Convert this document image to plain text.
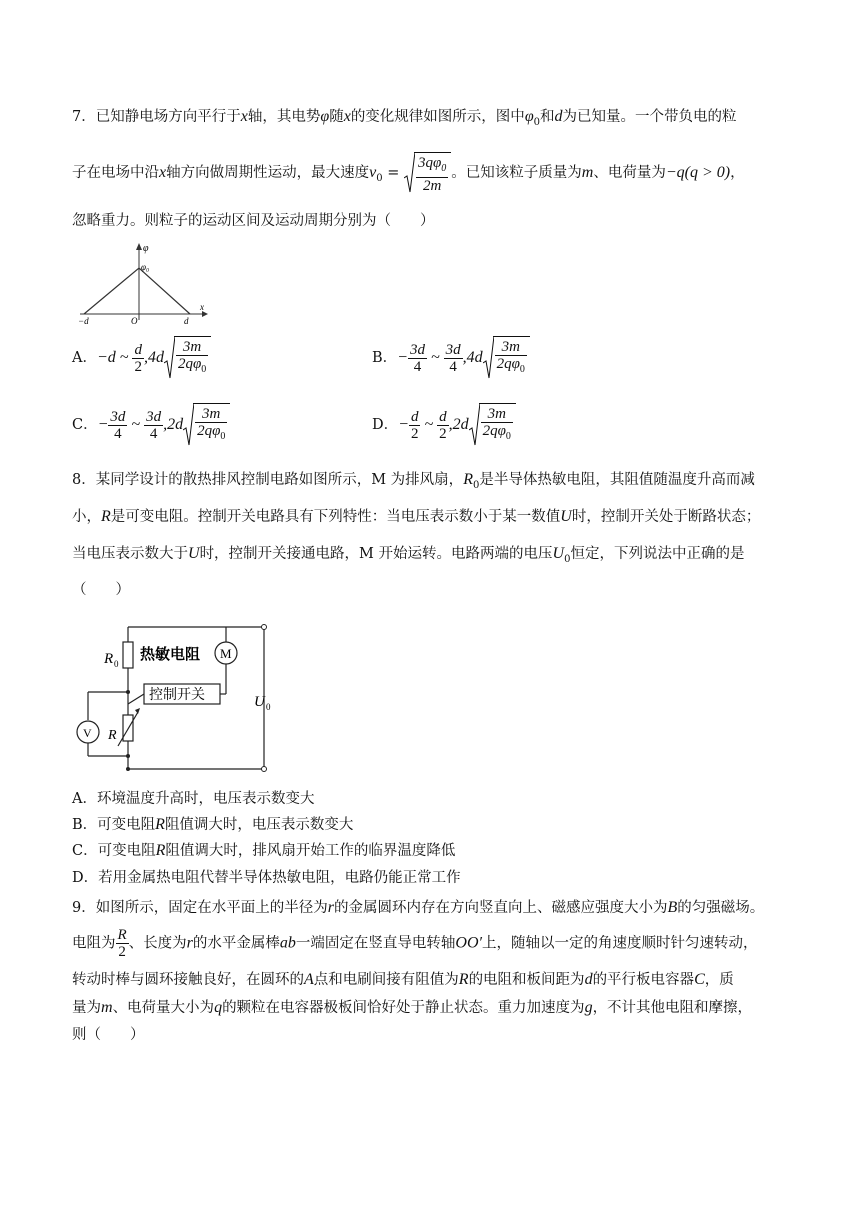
7．已知静电场方向平行于x轴，其电势φ随x的变化规律如图所示，图中$\varphi_0$和d为已知量。一个带负电的粒
子在电场中沿x轴方向做周期性运动，最大速度$v_0 = \frac{3q\varphi_0}{2m}$ 。已知该粒子质量为m、电荷量为−q(q > 0)，
忽略重力。则粒子的运动区间及运动周期分别为（　　）
φ
φ₀
x
−d	O	d
A．−d ~ $\frac{d}{2} ,4d \frac{3m}{2q\varphi_0}$	B．− $\frac{3d}{4}$ ~ $\frac{3d}{4} ,4d \frac{3m}{2q\varphi_0}$
C．− $\frac{3d}{4}$ ~ $\frac{3d}{4} ,2d \frac{3m}{2q\varphi_0}$	D．− $\frac{d}{2}$ ~ $\frac{d}{2} ,2d \frac{3m}{2q\varphi_0}$
8．某同学设计的散热排风控制电路如图所示，M 为排风扇，$R_0$是半导体热敏电阻，其阻值随温度升高而减
小，R是可变电阻。控制开关电路具有下列特性：当电压表示数小于某一数值U时，控制开关处于断路状态；
当电压表示数大于U时，控制开关接通电路，M 开始运转。电路两端的电压$U_0$恒定，下列说法中正确的是
（　　）
R 0
热敏电阻 M
控制开关
V R
U 0
A．环境温度升高时，电压表示数变大
B．可变电阻R阻值调大时，电压表示数变大
C．可变电阻R阻值调大时，排风扇开始工作的临界温度降低
D．若用金属热电阻代替半导体热敏电阻，电路仍能正常工作
9．如图所示，固定在水平面上的半径为r的金属圆环内存在方向竖直向上、磁感应强度大小为B的匀强磁场。
电阻为 $\frac{R}{2}$ 、长度为r的水平金属棒ab一端固定在竖直导电转轴OO′上，随轴以一定的角速度顺时针匀速转动，
转动时棒与圆环接触良好，在圆环的A点和电刷间接有阻值为R的电阻和板间距为d的平行板电容器C，质
量为m、电荷量大小为q的颗粒在电容器极板间恰好处于静止状态。重力加速度为g，不计其他电阻和摩擦，
则（　　）
